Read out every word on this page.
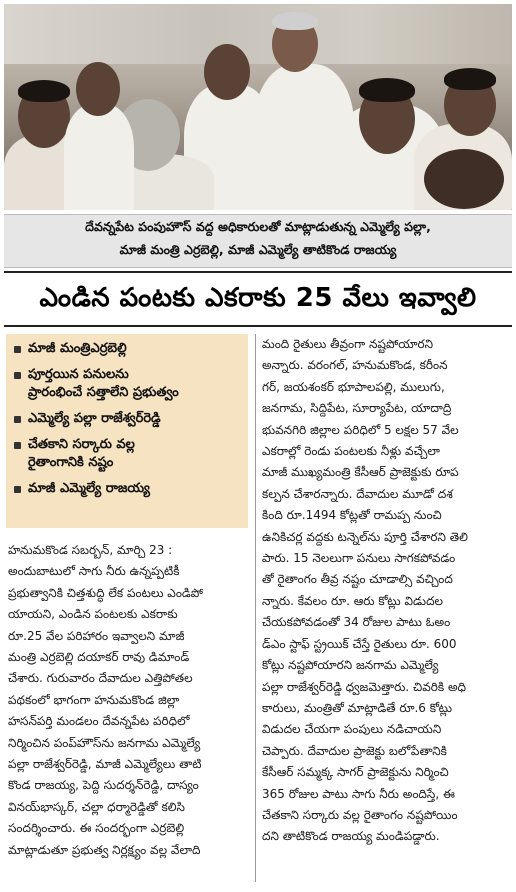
దేవన్నపేట పంపుహౌస్ వద్ద అధికారులతో మాట్లాడుతున్న ఎమ్మెల్యే పల్లా,
మాజీ మంత్రి ఎర్రబెల్లి, మాజీ ఎమ్మెల్యే తాటికొండ రాజయ్య
ఎండిన పంటకు ఎకరాకు 25 వేలు ఇవ్వాలి
మాజీ మంత్రిఎర్రబెల్లి
పూర్తయిన పనులను
ప్రారంభించే సత్తాలేని ప్రభుత్వం
ఎమ్మెల్యే పల్లా రాజేశ్వర్‌రెడ్డి
చేతకాని సర్కారు వల్ల
రైతాంగానికి నష్టం
మాజీ ఎమ్మెల్యే రాజయ్య
హనుమకొండ సబర్బన్, మార్చి 23 :
అందుబాటులో సాగు నీరు ఉన్నప్పటికీ
ప్రభుత్వానికి చిత్తశుద్ధి లేక పంటలు ఎండిపో
యాయని, ఎండిన పంటలకు ఎకరాకు
రూ.25 వేల పరిహారం ఇవ్వాలని మాజీ
మంత్రి ఎర్రబెల్లి దయాకర్ రావు డిమాండ్
చేశారు. గురువారం దేవాదుల ఎత్తిపోతల
పథకంలో భాగంగా హనుమకొండ జిల్లా
హసన్‌పర్తి మండలం దేవన్నపేట పరిధిలో
నిర్మించిన పంప్‌హౌస్‌ను జనగామ ఎమ్మెల్యే
పల్లా రాజేశ్వర్‌రెడ్డి, మాజీ ఎమ్మెల్యేలు తాటి
కొండ రాజయ్య, పెద్ది సుదర్శన్‌రెడ్డి, దాస్యం
వినయ్‌భాస్కర్, చల్లా ధర్మారెడ్డితో కలిసి
సందర్శించారు. ఈ సందర్భంగా ఎర్రబెల్లి
మాట్లాడుతూ ప్రభుత్వ నిర్లక్ష్యం వల్ల వేలాది
మంది రైతులు తీవ్రంగా నష్టపోయారని
అన్నారు. వరంగల్, హనుమకొండ, కరీంన
గర్, జయశంకర్ భూపాలపల్లి, ములుగు,
జనగామ, సిద్దిపేట, సూర్యాపేట, యాదాద్రి
భువనగిరి జిల్లాల పరిధిలో 5 లక్షల 57 వేల
ఎకరాల్లో రెండు పంటలకు నీళ్లు వచ్చేలా
మాజీ ముఖ్యమంత్రి కేసీఆర్ ప్రాజెక్టుకు రూప
కల్పన చేశారన్నారు. దేవాదుల మూడో దశ
కింది రూ.1494 కోట్లతో రామప్ప నుంచి
ఉనికిచర్ల వద్దకు టన్నెల్‌ను పూర్తి చేశారని తెలి
పారు. 15 నెలలుగా పనులు సాగకపోవడం
తో రైతాంగం తీవ్ర నష్టం చూడాల్సి వచ్చింద
న్నారు. కేవలం రూ. ఆరు కోట్లు విడుదల
చేయకపోవడంతో 34 రోజుల పాటు ఓఅం
డ్ఎం స్టాఫ్ స్ట్రయిక్ చేస్తే రైతులు రూ. 600
కోట్లు నష్టపోయారని జనగామ ఎమ్మెల్యే
పల్లా రాజేశ్వర్‌రెడ్డి ధ్వజమెత్తారు. చివరికి అధి
కారులు, మంత్రితో మాట్లాడితే రూ.6 కోట్లు
విడుదల చేయగా పంపులు నడిచాయని
చెప్పారు. దేవాదుల ప్రాజెక్టు బలోపేతానికి
కేసీఆర్ సమ్మక్క సాగర్ ప్రాజెక్టును నిర్మించి
365 రోజుల పాటు సాగు నీరు అందిస్తే, ఈ
చేతకాని సర్కారు వల్ల రైతాంగం నష్టపోయిం
దని తాటికొండ రాజయ్య మండిపడ్డారు.
